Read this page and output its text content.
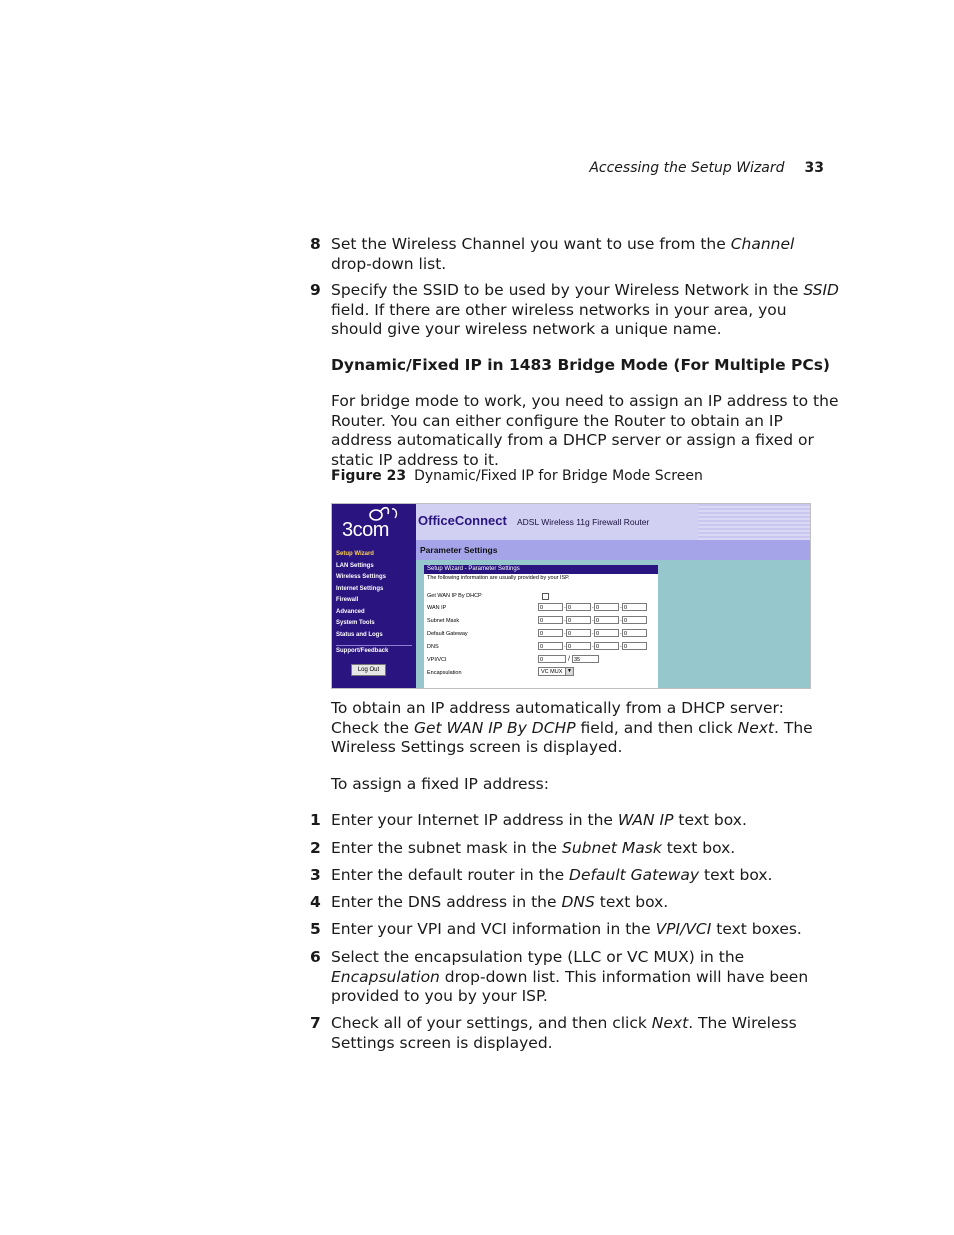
Accessing the Setup Wizard 33
8 Set the Wireless Channel you want to use from the Channel drop-down list.
9 Specify the SSID to be used by your Wireless Network in the SSID field. If there are other wireless networks in your area, you should give your wireless network a unique name.
Dynamic/Fixed IP in 1483 Bridge Mode (For Multiple PCs)
For bridge mode to work, you need to assign an IP address to the Router. You can either configure the Router to obtain an IP address automatically from a DHCP server or assign a fixed or static IP address to it.
Figure 23 Dynamic/Fixed IP for Bridge Mode Screen
3com
Setup Wizard
LAN Settings
Wireless Settings
Internet Settings
Firewall
Advanced
System Tools
Status and Logs
Support/Feedback
Log Out
OfficeConnect ADSL Wireless 11g Firewall Router
Parameter Settings
Setup Wizard - Parameter Settings
The following information are usually provided by your ISP.
Get WAN IP By DHCP
WAN IP	0	. 0	. 0	. 0
Subnet Mask	0	. 0	. 0	. 0
Default Gateway	0	. 0	. 0	. 0
DNS	0	. 0	. 0	. 0
VPI/VCI	0	/ 35
Encapsulation	VC MUX ▼
To obtain an IP address automatically from a DHCP server:
Check the Get WAN IP By DCHP field, and then click Next. The Wireless Settings screen is displayed.
To assign a fixed IP address:
1 Enter your Internet IP address in the WAN IP text box.
2 Enter the subnet mask in the Subnet Mask text box.
3 Enter the default router in the Default Gateway text box.
4 Enter the DNS address in the DNS text box.
5 Enter your VPI and VCI information in the VPI/VCI text boxes.
6 Select the encapsulation type (LLC or VC MUX) in the Encapsulation drop-down list. This information will have been provided to you by your ISP.
7 Check all of your settings, and then click Next. The Wireless Settings screen is displayed.
